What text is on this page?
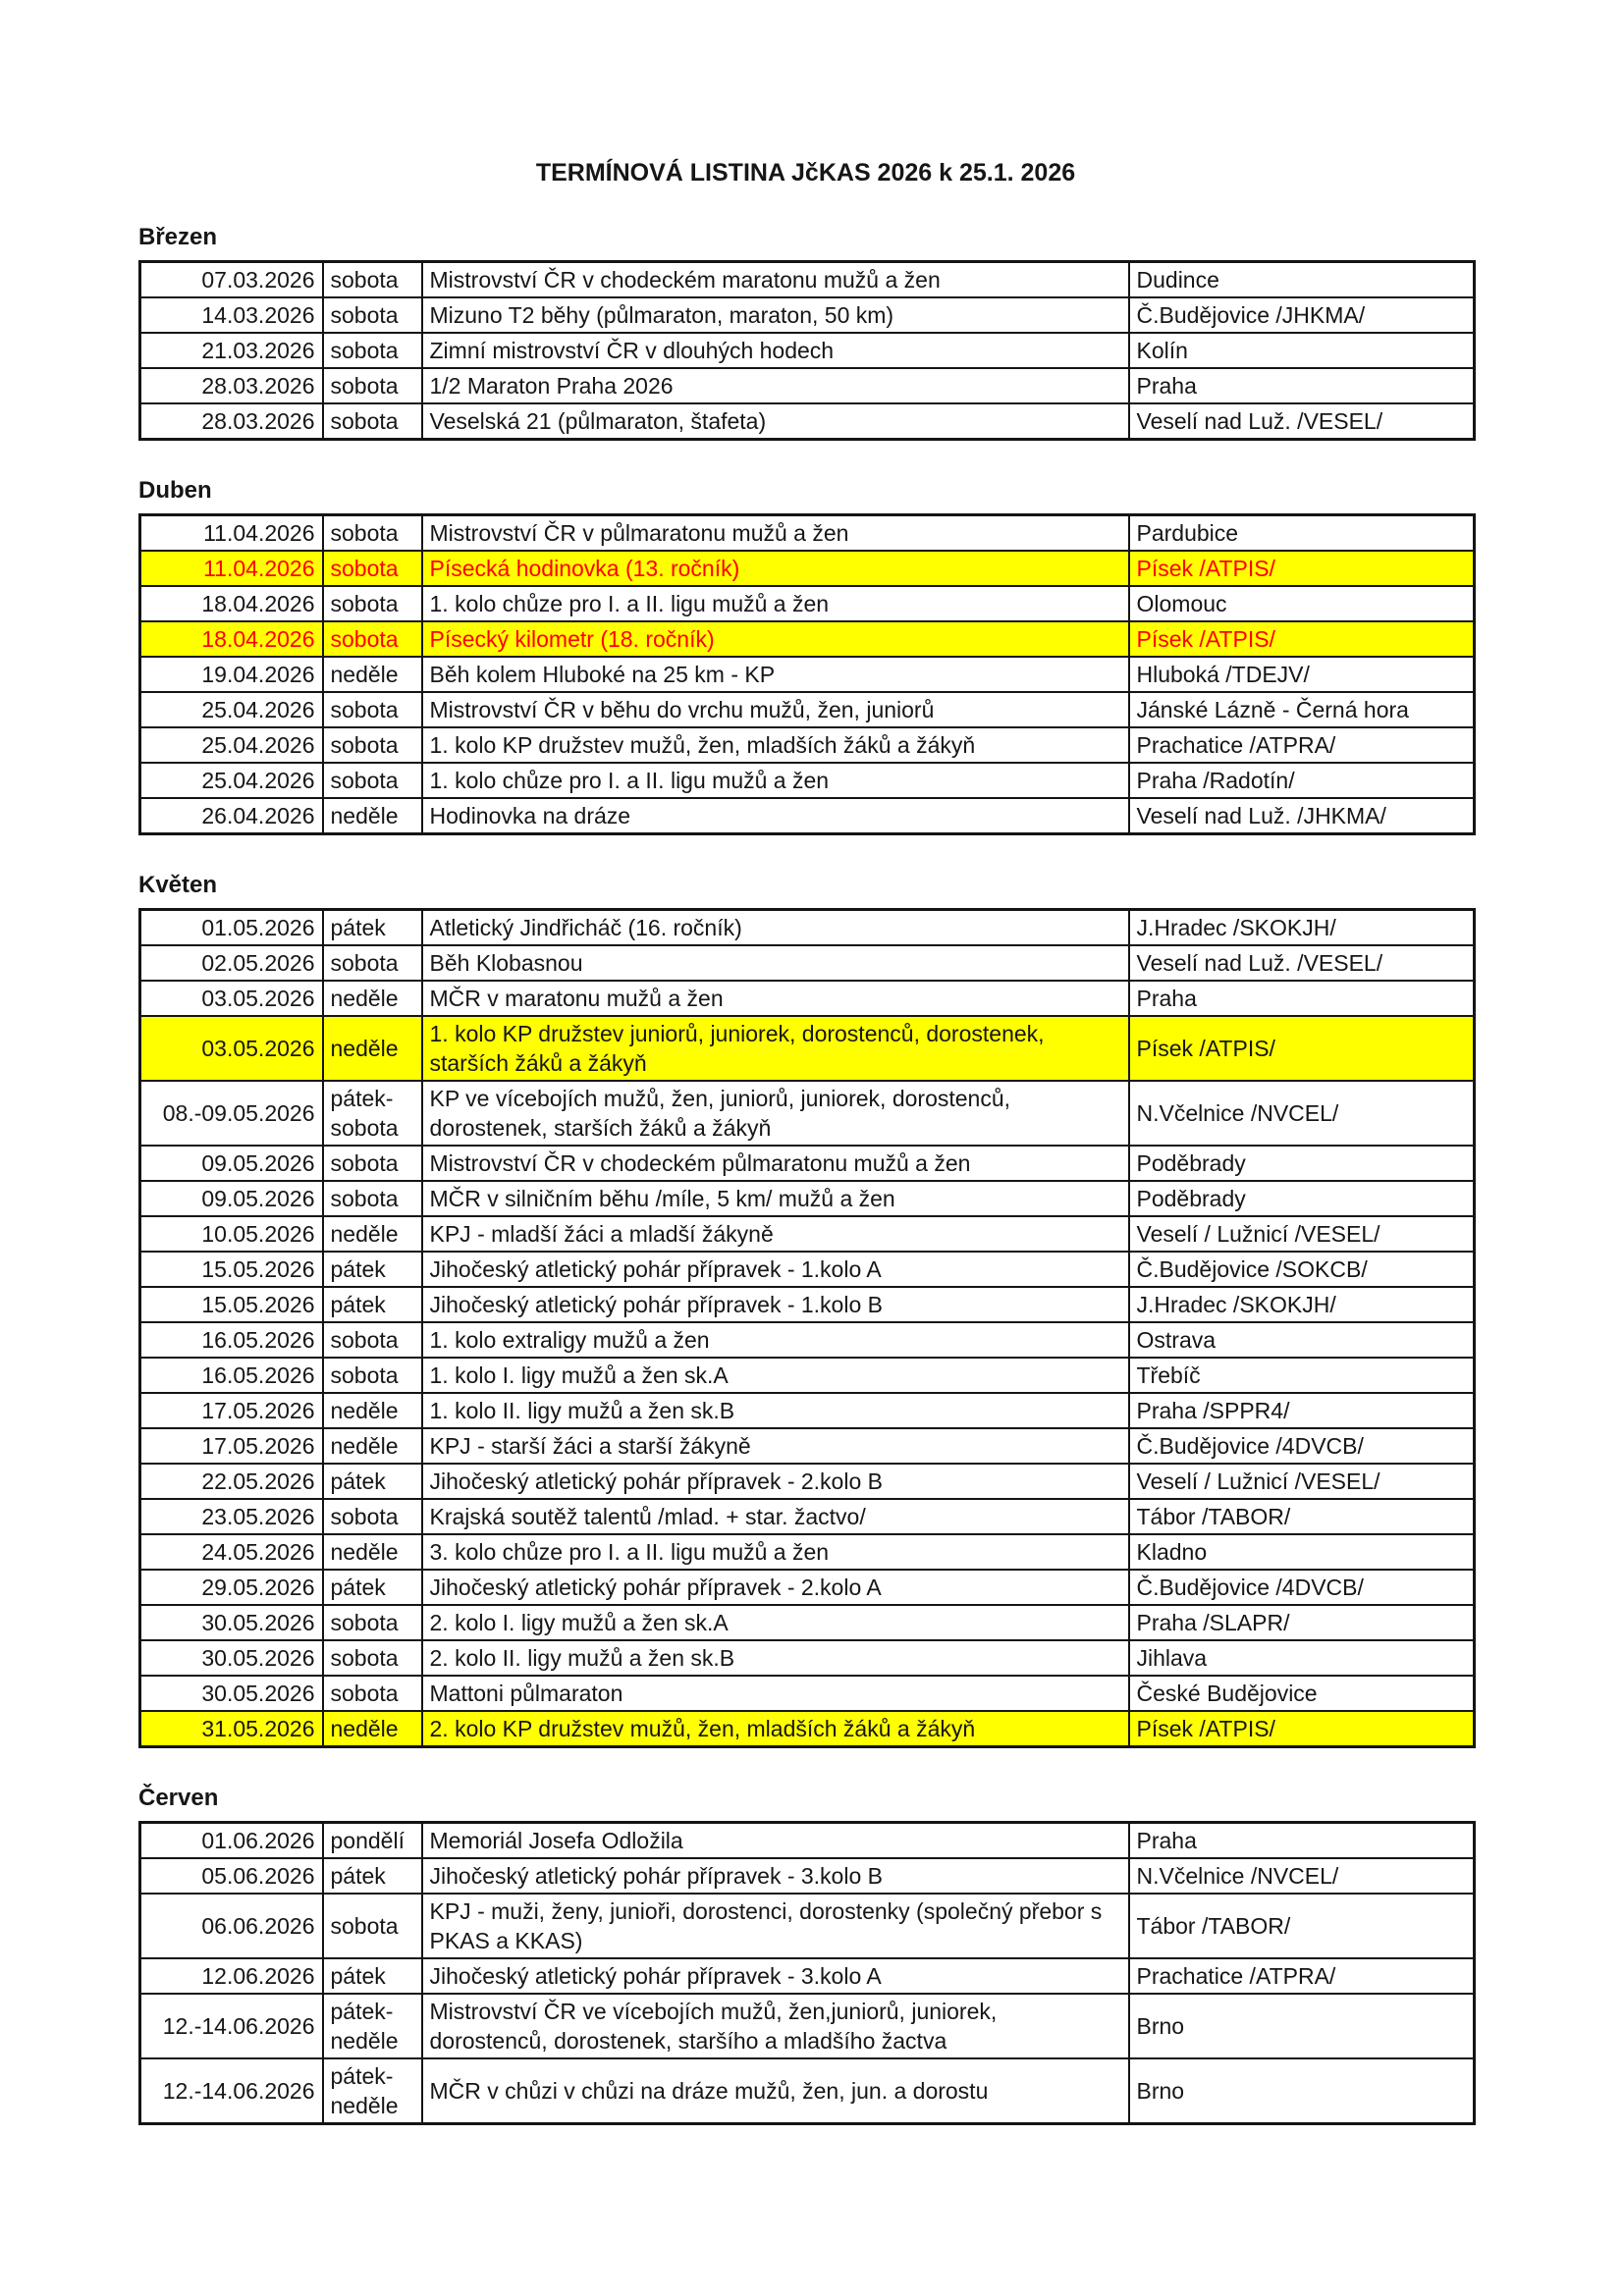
TERMÍNOVÁ LISTINA JčKAS 2026 k 25.1. 2026
Březen
07.03.2026	sobota	Mistrovství ČR v chodeckém maratonu mužů a žen	Dudince
14.03.2026	sobota	Mizuno T2 běhy (půlmaraton, maraton, 50 km)	Č.Budějovice /JHKMA/
21.03.2026	sobota	Zimní mistrovství ČR v dlouhých hodech	Kolín
28.03.2026	sobota	1/2 Maraton Praha 2026	Praha
28.03.2026	sobota	Veselská 21 (půlmaraton, štafeta)	Veselí nad Luž. /VESEL/
Duben
11.04.2026	sobota	Mistrovství ČR v půlmaratonu mužů a žen	Pardubice
11.04.2026	sobota	Písecká hodinovka (13. ročník)	Písek /ATPIS/
18.04.2026	sobota	1. kolo chůze pro I. a II. ligu mužů a žen	Olomouc
18.04.2026	sobota	Písecký kilometr (18. ročník)	Písek /ATPIS/
19.04.2026	neděle	Běh kolem Hluboké na 25 km - KP	Hluboká /TDEJV/
25.04.2026	sobota	Mistrovství ČR v běhu do vrchu mužů, žen, juniorů	Jánské Lázně - Černá hora
25.04.2026	sobota	1. kolo KP družstev mužů, žen, mladších žáků a žákyň	Prachatice /ATPRA/
25.04.2026	sobota	1. kolo chůze pro I. a II. ligu mužů a žen	Praha /Radotín/
26.04.2026	neděle	Hodinovka na dráze	Veselí nad Luž. /JHKMA/
Květen
01.05.2026	pátek	Atletický Jindřicháč (16. ročník)	J.Hradec /SKOKJH/
02.05.2026	sobota	Běh Klobasnou	Veselí nad Luž. /VESEL/
03.05.2026	neděle	MČR v maratonu mužů a žen	Praha
03.05.2026	neděle	1. kolo KP družstev juniorů, juniorek, dorostenců, dorostenek, starších žáků a žákyň	Písek /ATPIS/
08.-09.05.2026	pátek-sobota	KP ve vícebojích mužů, žen, juniorů, juniorek, dorostenců, dorostenek, starších žáků a žákyň	N.Včelnice /NVCEL/
09.05.2026	sobota	Mistrovství ČR v chodeckém půlmaratonu mužů a žen	Poděbrady
09.05.2026	sobota	MČR v silničním běhu /míle, 5 km/ mužů a žen	Poděbrady
10.05.2026	neděle	KPJ - mladší žáci a mladší žákyně	Veselí / Lužnicí /VESEL/
15.05.2026	pátek	Jihočeský atletický pohár přípravek - 1.kolo A	Č.Budějovice /SOKCB/
15.05.2026	pátek	Jihočeský atletický pohár přípravek - 1.kolo B	J.Hradec /SKOKJH/
16.05.2026	sobota	1. kolo extraligy mužů a žen	Ostrava
16.05.2026	sobota	1. kolo I. ligy mužů a žen sk.A	Třebíč
17.05.2026	neděle	1. kolo II. ligy mužů a žen sk.B	Praha /SPPR4/
17.05.2026	neděle	KPJ - starší žáci a starší žákyně	Č.Budějovice /4DVCB/
22.05.2026	pátek	Jihočeský atletický pohár přípravek - 2.kolo B	Veselí / Lužnicí /VESEL/
23.05.2026	sobota	Krajská soutěž talentů /mlad. + star. žactvo/	Tábor /TABOR/
24.05.2026	neděle	3. kolo chůze pro I. a II. ligu mužů a žen	Kladno
29.05.2026	pátek	Jihočeský atletický pohár přípravek - 2.kolo A	Č.Budějovice /4DVCB/
30.05.2026	sobota	2. kolo I. ligy mužů a žen sk.A	Praha /SLAPR/
30.05.2026	sobota	2. kolo II. ligy mužů a žen sk.B	Jihlava
30.05.2026	sobota	Mattoni půlmaraton	České Budějovice
31.05.2026	neděle	2. kolo KP družstev mužů, žen, mladších žáků a žákyň	Písek /ATPIS/
Červen
01.06.2026	pondělí	Memoriál Josefa Odložila	Praha
05.06.2026	pátek	Jihočeský atletický pohár přípravek - 3.kolo B	N.Včelnice /NVCEL/
06.06.2026	sobota	KPJ - muži, ženy, junioři, dorostenci, dorostenky (společný přebor s PKAS a KKAS)	Tábor /TABOR/
12.06.2026	pátek	Jihočeský atletický pohár přípravek - 3.kolo A	Prachatice /ATPRA/
12.-14.06.2026	pátek-neděle	Mistrovství ČR ve vícebojích mužů, žen,juniorů, juniorek, dorostenců, dorostenek, staršího a mladšího žactva	Brno
12.-14.06.2026	pátek-neděle	MČR v chůzi v chůzi na dráze mužů, žen, jun. a dorostu	Brno
